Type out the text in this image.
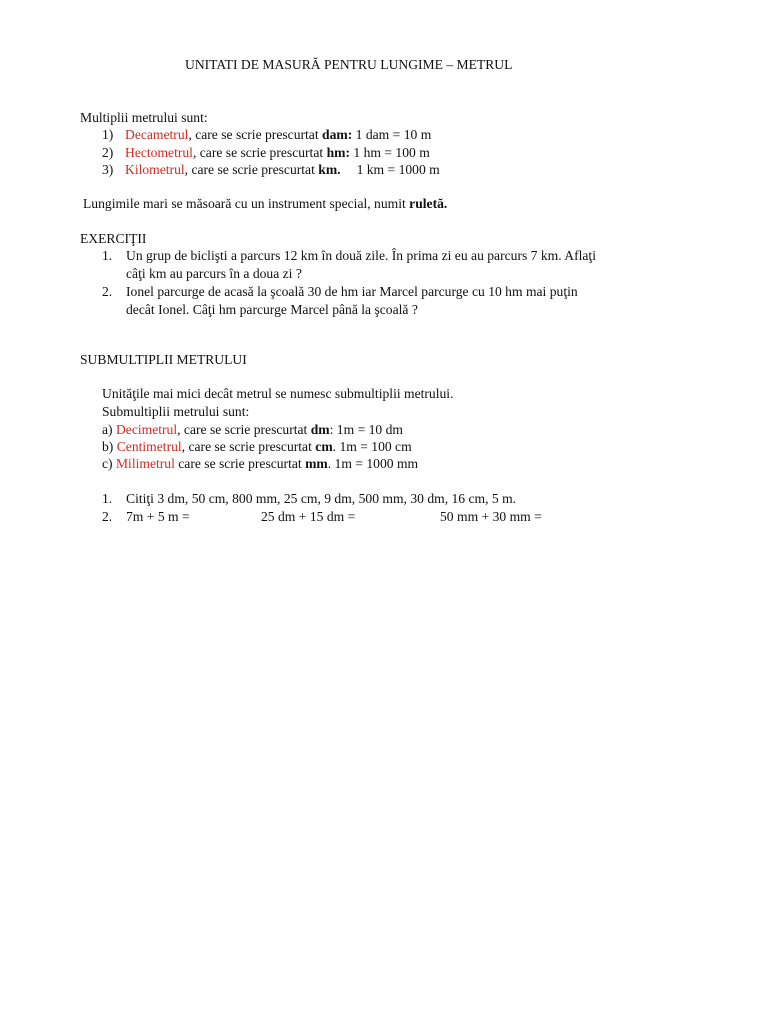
UNITATI DE MASURĂ PENTRU LUNGIME – METRUL
Multiplii metrului sunt:
1) Decametrul, care se scrie prescurtat dam: 1 dam = 10 m
2) Hectometrul, care se scrie prescurtat hm: 1 hm = 100 m
3) Kilometrul, care se scrie prescurtat km. 1 km = 1000 m
Lungimile mari se măsoară cu un instrument special, numit ruletă.
EXERCIŢII
1. Un grup de biclişti a parcurs 12 km în două zile. În prima zi eu au parcurs 7 km. Aflaţi
câţi km au parcurs în a doua zi ?
2. Ionel parcurge de acasă la şcoală 30 de hm iar Marcel parcurge cu 10 hm mai puţin
decât Ionel. Câţi hm parcurge Marcel până la şcoală ?
SUBMULTIPLII METRULUI
Unităţile mai mici decât metrul se numesc submultiplii metrului.
Submultiplii metrului sunt:
a) Decimetrul, care se scrie prescurtat dm: 1m = 10 dm
b) Centimetrul, care se scrie prescurtat cm. 1m = 100 cm
c) Milimetrul care se scrie prescurtat mm. 1m = 1000 mm
1. Citiţi 3 dm, 50 cm, 800 mm, 25 cm, 9 dm, 500 mm, 30 dm, 16 cm, 5 m.
2.	7m + 5 m =	25 dm + 15 dm =	50 mm + 30 mm =
